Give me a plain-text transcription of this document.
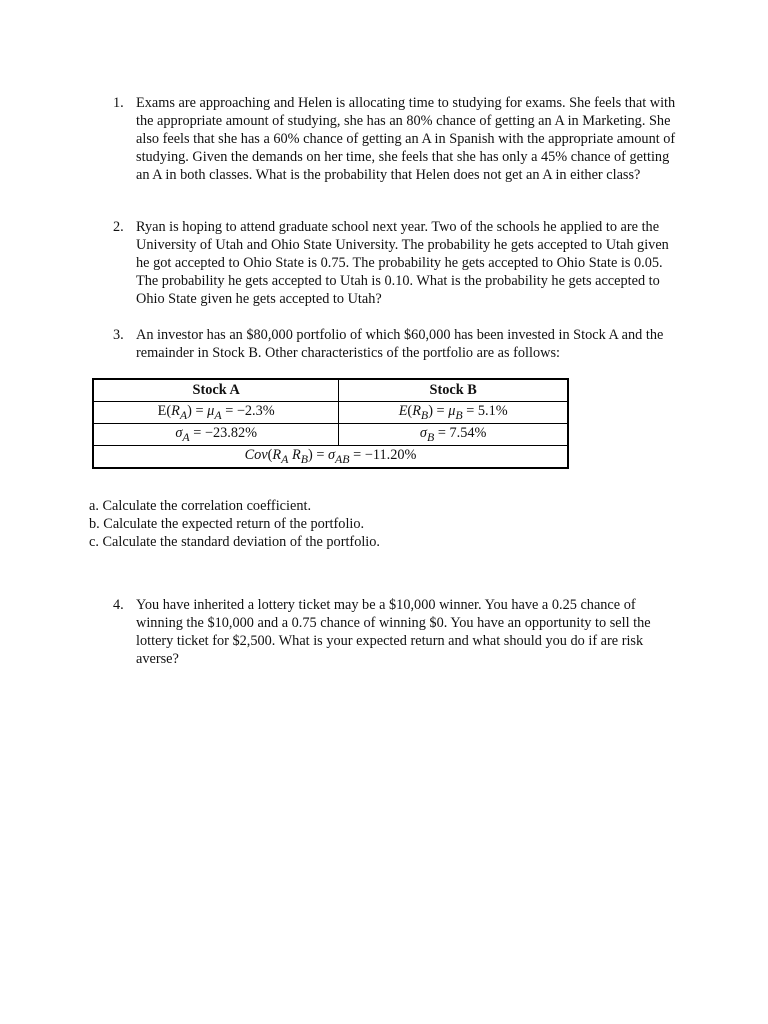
1. Exams are approaching and Helen is allocating time to studying for exams. She feels that with the appropriate amount of studying, she has an 80% chance of getting an A in Marketing. She also feels that she has a 60% chance of getting an A in Spanish with the appropriate amount of studying. Given the demands on her time, she feels that she has only a 45% chance of getting an A in both classes. What is the probability that Helen does not get an A in either class?
2. Ryan is hoping to attend graduate school next year. Two of the schools he applied to are the University of Utah and Ohio State University. The probability he gets accepted to Utah given he got accepted to Ohio State is 0.75. The probability he gets accepted to Ohio State is 0.05. The probability he gets accepted to Utah is 0.10. What is the probability he gets accepted to Ohio State given he gets accepted to Utah?
3. An investor has an $80,000 portfolio of which $60,000 has been invested in Stock A and the remainder in Stock B. Other characteristics of the portfolio are as follows:
Stock A	Stock B
$E(R_A) = \mu_A = -2.3\%$	$E(R_B) = \mu_B = 5.1\%$
$\sigma_A = -23.82\%$	$\sigma_B = 7.54\%$
$Cov(R_A$ $R_B) = \sigma_{AB} = -11.20\%$	
a. Calculate the correlation coefficient.
b. Calculate the expected return of the portfolio.
c. Calculate the standard deviation of the portfolio.
4. You have inherited a lottery ticket may be a $10,000 winner. You have a 0.25 chance of winning the $10,000 and a 0.75 chance of winning $0. You have an opportunity to sell the lottery ticket for $2,500. What is your expected return and what should you do if are risk averse?
